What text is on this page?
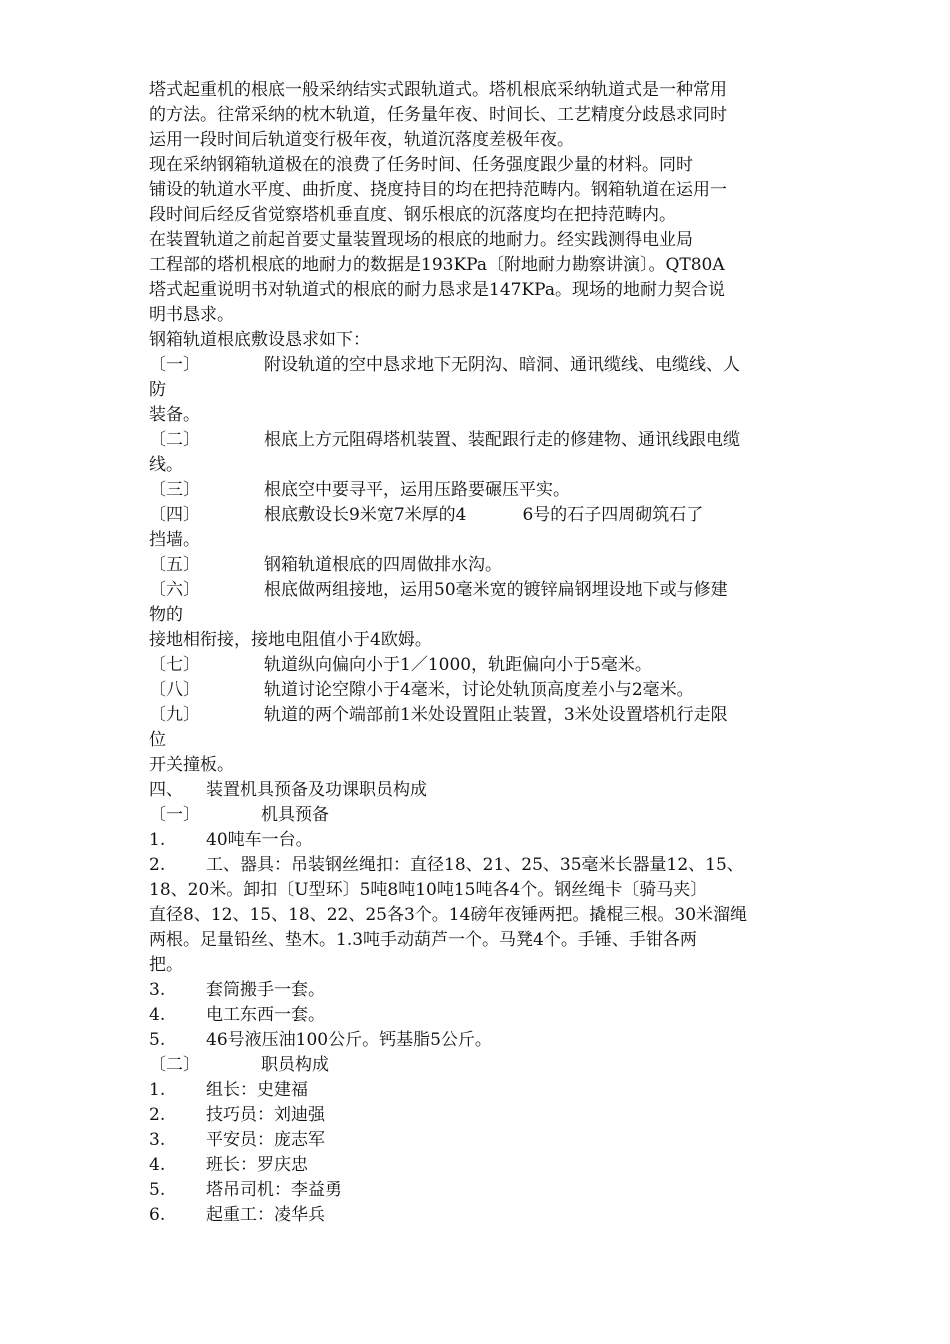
塔式起重机的根底一般采纳结实式跟轨道式。塔机根底采纳轨道式是一种常用
的方法。往常采纳的枕木轨道，任务量年夜、时间长、工艺精度分歧恳求同时
运用一段时间后轨道变行极年夜，轨道沉落度差极年夜。
现在采纳钢箱轨道极在的浪费了任务时间、任务强度跟少量的材料。同时
铺设的轨道水平度、曲折度、挠度持目的均在把持范畴内。钢箱轨道在运用一
段时间后经反省觉察塔机垂直度、钢乐根底的沉落度均在把持范畴内。
在装置轨道之前起首要丈量装置现场的根底的地耐力。经实践测得电业局
工程部的塔机根底的地耐力的数据是193KPa〔附地耐力勘察讲演〕。QT80A
塔式起重说明书对轨道式的根底的耐力恳求是147KPa。现场的地耐力契合说
明书恳求。
钢箱轨道根底敷设恳求如下：
〔一〕	附设轨道的空中恳求地下无阴沟、暗洞、通讯缆线、电缆线、人
防
装备。
〔二〕	根底上方元阻碍塔机装置、装配跟行走的修建物、通讯线跟电缆
线。
〔三〕	根底空中要寻平，运用压路要碾压平实。
〔四〕	根底敷设长9米宽7米厚的4	6号的石子四周砌筑石了
挡墙。
〔五〕	钢箱轨道根底的四周做排水沟。
〔六〕	根底做两组接地，运用50毫米宽的镀锌扁钢埋设地下或与修建
物的
接地相衔接，接地电阻值小于4欧姆。
〔七〕	轨道纵向偏向小于1／1000，轨距偏向小于5毫米。
〔八〕	轨道讨论空隙小于4毫米，讨论处轨顶高度差小与2毫米。
〔九〕	轨道的两个端部前1米处设置阻止装置，3米处设置塔机行走限
位
开关撞板。
四、	装置机具预备及功课职员构成
〔一〕	机具预备
1.	40吨车一台。
2.	工、器具：吊装钢丝绳扣：直径18、21、25、35毫米长器量12、15、
18、20米。卸扣〔U型环〕5吨8吨10吨15吨各4个。钢丝绳卡〔骑马夹〕
直径8、12、15、18、22、25各3个。14磅年夜锤两把。撬棍三根。30米溜绳
两根。足量铅丝、垫木。1.3吨手动葫芦一个。马凳4个。手锤、手钳各两
把。
3.	套筒搬手一套。
4.	电工东西一套。
5.	46号液压油100公斤。钙基脂5公斤。
〔二〕	职员构成
1.	组长：史建福
2.	技巧员：刘迪强
3.	平安员：庞志军
4.	班长：罗庆忠
5.	塔吊司机：李益勇
6.	起重工：凌华兵
